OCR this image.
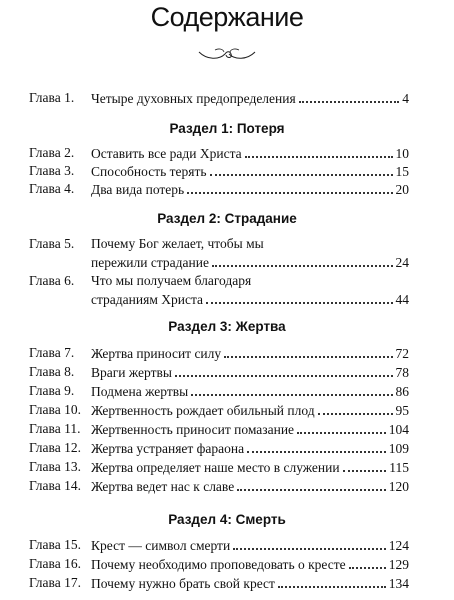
Содержание
Глава 1. Четыре духовных предопределения	4
Раздел 1: Потеря
Глава 2. Оставить все ради Христа	10
Глава 3. Способность терять	15
Глава 4. Два вида потерь	20
Раздел 2: Страдание
Глава 5. Почему Бог желает, чтобы мы
пережили страдание	24
Глава 6. Что мы получаем благодаря
страданиям Христа	44
Раздел 3: Жертва
Глава 7. Жертва приносит силу	72
Глава 8. Враги жертвы	78
Глава 9. Подмена жертвы	86
Глава 10. Жертвенность рождает обильный плод	95
Глава 11. Жертвенность приносит помазание	104
Глава 12. Жертва устраняет фараона	109
Глава 13. Жертва определяет наше место в служении	115
Глава 14. Жертва ведет нас к славе	120
Раздел 4: Смерть
Глава 15. Крест — символ смерти	124
Глава 16. Почему необходимо проповедовать о кресте	129
Глава 17. Почему нужно брать свой крест	134
